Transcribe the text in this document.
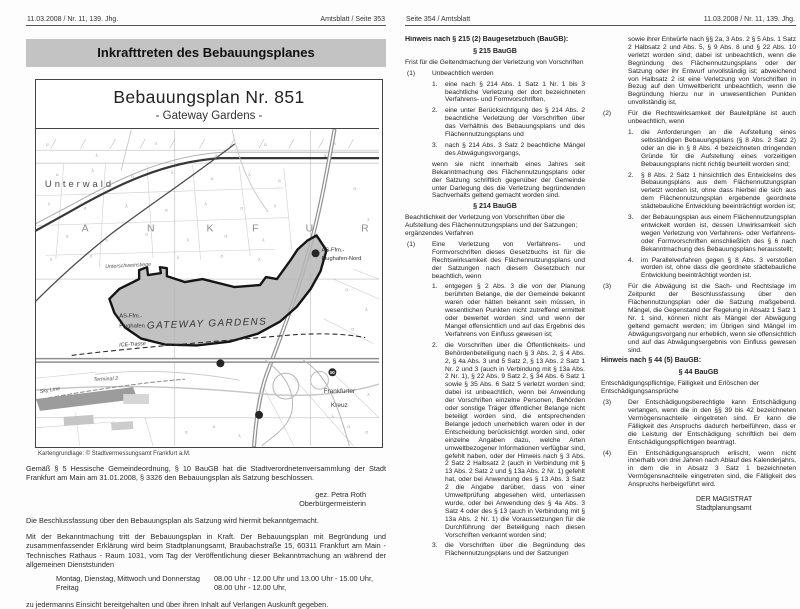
11.03.2008 / Nr. 11, 139. Jhg.	Amtsblatt / Seite 353
Inkrafttreten des Bebauungsplanes
Bebauungsplan Nr. 851
- Gateway Gardens -
α
λ
α
λ
α
λ
α
λ
α	λ
α
λ
α	λ
α
λ
α
λ
α
λ
λ
α	λ	α
λ
α
λ
α
λ
α
λ
α
λ
α
α
λ
α
α	λ	α	λ
λ	α	α
Unterwald
A	N	K	F	U	R
Unterschweinstiege
AS-Ffm.-
Flughafen-Nord
AS-Ffm.-
Flughafen GATEWAY GARDENS
ICE-Trasse
Sky Line
Terminal 2
Frankfurter
Kreuz
50
Kartengrundlage: © Stadtvermessungsamt Frankfurt a.M.

Gemäß § 5 Hessische Gemeindeordnung, § 10 BauGB hat die Stadtverordnetenversammlung der Stadt Frankfurt am Main am 31.01.2008, § 3326 den Bebauungsplan als Satzung beschlossen.

gez. Petra Roth
Oberbürgermeisterin

Die Beschlussfassung über den Bebauungsplan als Satzung wird hiermit bekanntgemacht.

Mit der Bekanntmachung tritt der Bebauungsplan in Kraft. Der Bebauungsplan mit Begründung und zusammenfassender Erklärung wird beim Stadtplanungsamt, Braubachstraße 15, 60311 Frankfurt am Main - Technisches Rathaus - Raum 1031, vom Tag der Veröffentlichung dieser Bekanntmachung an während der allgemeinen Dienststunden

Montag, Dienstag, Mittwoch und Donnerstag	08.00 Uhr - 12.00 Uhr und 13.00 Uhr - 15.00 Uhr,
Freitag	08.00 Uhr - 12.00 Uhr,

zu jedermanns Einsicht bereitgehalten und über ihren Inhalt auf Verlangen Auskunft gegeben.

Seite 354 / Amtsblatt	11.03.2008 / Nr. 11, 139. Jhg.

Hinweis nach § 215 (2) Baugesetzbuch (BauGB):

§ 215 BauGB

Frist für die Geltendmachung der Verletzung von Vorschriften

(1)	Unbeachtlich werden
1.	eine nach § 214 Abs. 1 Satz 1 Nr. 1 bis 3 beachtliche Verletzung der dort bezeichneten Verfahrens- und Formvorschriften,
2.	eine unter Berücksichtigung des § 214 Abs. 2 beachtliche Verletzung der Vorschriften über das Verhältnis des Bebauungsplans und des Flächennutzungsplans und
3.	nach § 214 Abs. 3 Satz 2 beachtliche Mängel des Abwägungsvorgangs,

wenn sie nicht innerhalb eines Jahres seit Bekanntmachung des Flächennutzungsplans oder der Satzung schriftlich gegenüber der Gemeinde unter Darlegung des die Verletzung begründenden Sachverhalts geltend gemacht worden sind.

§ 214 BauGB

Beachtlichkeit der Verletzung von Vorschriften über die Aufstellung des Flächennutzungsplans und der Satzungen; ergänzendes Verfahren

(1)	Eine Verletzung von Verfahrens- und Formvorschriften dieses Gesetzbuchs ist für die Rechtswirksamkeit des Flächennutzungsplans und der Satzungen nach diesem Gesetzbuch nur beachtlich, wenn
1.	entgegen § 2 Abs. 3 die von der Planung berührten Belange, die der Gemeinde bekannt waren oder hätten bekannt sein müssen, in wesentlichen Punkten nicht zutreffend ermittelt oder bewertet worden sind und wenn der Mangel offensichtlich und auf das Ergebnis des Verfahrens von Einfluss gewesen ist;
2.	die Vorschriften über die Öffentlichkeits- und Behördenbeteiligung nach § 3 Abs. 2, § 4 Abs. 2, § 4a Abs. 3 und 5 Satz 2, § 13 Abs. 2 Satz 1 Nr. 2 und 3 (auch in Verbindung mit § 13a Abs. 2 Nr. 1), § 22 Abs. 9 Satz 2, § 34 Abs. 6 Satz 1 sowie § 35 Abs. 6 Satz 5 verletzt worden sind; dabei ist unbeachtlich, wenn bei Anwendung der Vorschriften einzelne Personen, Behörden oder sonstige Träger öffentlicher Belange nicht beteiligt worden sind, die entsprechenden Belange jedoch unerheblich waren oder in der Entscheidung berücksichtigt worden sind, oder einzelne Angaben dazu, welche Arten umweltbezogener Informationen verfügbar sind, gefehlt haben, oder der Hinweis nach § 3 Abs. 2 Satz 2 Halbsatz 2 (auch in Verbindung mit § 13 Abs. 2 Satz 2 und § 13a Abs. 2 Nr. 1) gefehlt hat, oder bei Anwendung des § 13 Abs. 3 Satz 2 die Angabe darüber, dass von einer Umweltprüfung abgesehen wird, unterlassen wurde, oder bei Anwendung des § 4a Abs. 3 Satz 4 oder des § 13 (auch in Verbindung mit § 13a Abs. 2 Nr. 1) die Voraussetzungen für die Durchführung der Beteiligung nach diesen Vorschriften verkannt worden sind;
3.	die Vorschriften über die Begründung des Flächennutzungsplans und der Satzungen

sowie ihrer Entwürfe nach §§ 2a, 3 Abs. 2 § 5 Abs. 1 Satz 2 Halbsatz 2 und Abs. 5, § 9 Abs. 8 und § 22 Abs. 10 verletzt worden sind; dabei ist unbeachtlich, wenn die Begründung des Flächennutzungsplans oder der Satzung oder ihr Entwurf unvollständig ist; abweichend von Halbsatz 2 ist eine Verletzung von Vorschriften in Bezug auf den Umweltbericht unbeachtlich, wenn die Begründung hierzu nur in unwesentlichen Punkten unvollständig ist,

(2)	Für die Rechtswirksamkeit der Bauleitpläne ist auch unbeachtlich, wenn
1.	die Anforderungen an die Aufstellung eines selbständigen Bebauungsplans (§ 8 Abs. 2 Satz 2) oder an die in § 8 Abs. 4 bezeichneten dringenden Gründe für die Aufstellung eines vorzeitigen Bebauungsplans nicht richtig beurteilt worden sind;
2.	§ 8 Abs. 2 Satz 1 hinsichtlich des Entwickelns des Bebauungsplans aus dem Flächennutzungsplan verletzt worden ist, ohne dass hierbei die sich aus dem Flächennutzungsplan ergebende geordnete städtebauliche Entwicklung beeinträchtigt worden ist;
3.	der Bebauungsplan aus einem Flächennutzungsplan entwickelt worden ist, dessen Unwirksamkeit sich wegen Verletzung von Verfahrens- oder Verfahrens- oder Formvorschriften einschließlich des § 6 nach Bekanntmachung des Bebauungsplans herausstellt;
4.	im Parallelverfahren gegen § 8 Abs. 3 verstoßen worden ist, ohne dass die geordnete städtebauliche Entwicklung beeinträchtigt worden ist.
(3)	Für die Abwägung ist die Sach- und Rechtslage im Zeitpunkt der Beschlussfassung über den Flächennutzungsplan oder die Satzung maßgebend. Mängel, die Gegenstand der Regelung in Absatz 1 Satz 1 Nr. 1 sind, können nicht als Mängel der Abwägung geltend gemacht werden; im Übrigen sind Mängel im Abwägungsvorgang nur erheblich, wenn sie offensichtlich und auf das Abwägungsergebnis von Einfluss gewesen sind.

Hinweis nach § 44 (5) BauGB:

§ 44 BauGB

Entschädigungspflichtige, Fälligkeit und Erlöschen der Entschädigungsansprüche

(3)	Der Entschädigungsberechtigte kann Entschädigung verlangen, wenn die in den §§ 39 bis 42 bezeichneten Vermögensnachteile eingetreten sind. Er kann die Fälligkeit des Anspruchs dadurch herbeiführen, dass er die Leistung der Entschädigung schriftlich bei dem Entschädigungspflichtigen beantragt.
(4)	Ein Entschädigungsanspruch erlischt, wenn nicht innerhalb von drei Jahren nach Ablauf des Kalenderjahrs, in dem die in Absatz 3 Satz 1 bezeichneten Vermögensnachteile eingetreten sind, die Fälligkeit des Anspruchs herbeigeführt wird.
DER MAGISTRAT
Stadtplanungsamt
